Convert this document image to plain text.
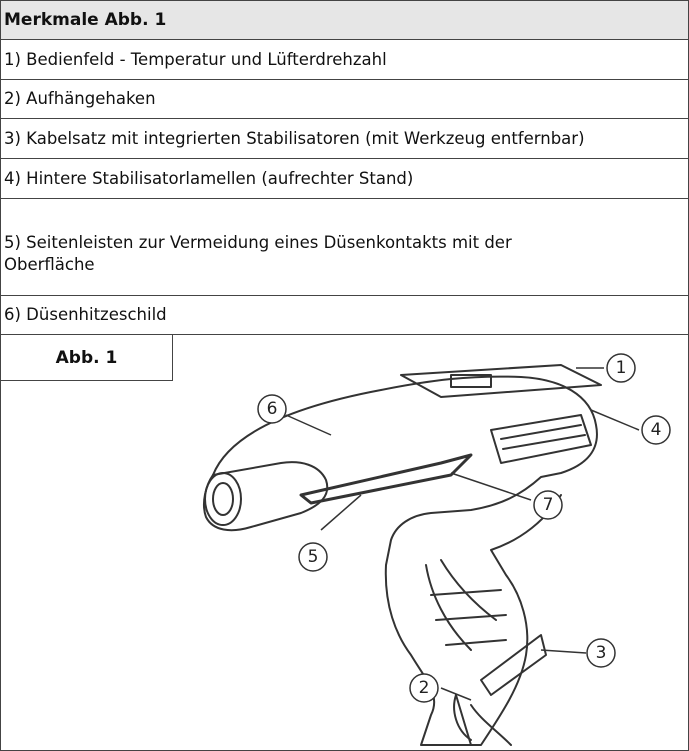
Merkmale Abb. 1
1) Bedienfeld - Temperatur und Lüfterdrehzahl
2) Aufhängehaken
3) Kabelsatz mit integrierten Stabilisatoren (mit Werkzeug entfernbar)
4) Hintere Stabilisatorlamellen (aufrechter Stand)
5) Seitenleisten zur Vermeidung eines Düsenkontakts mit der
Oberfläche
6) Düsenhitzeschild
1
2
3
4
5
6
7
Abb. 1
